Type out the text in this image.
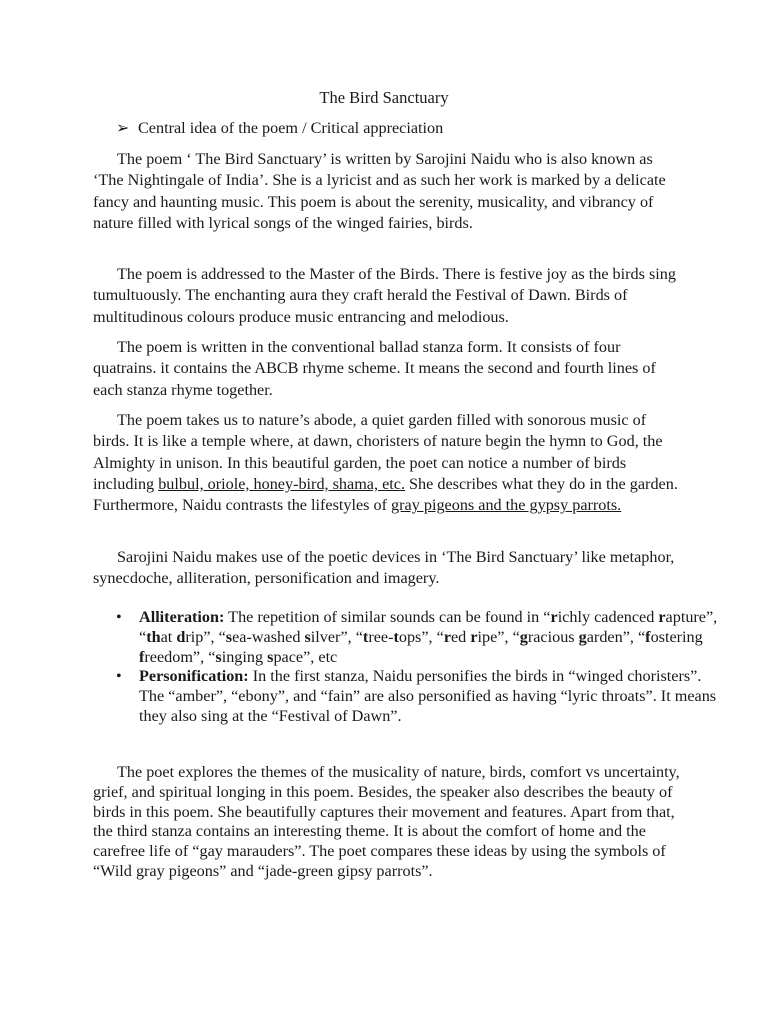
The Bird Sanctuary

➢ Central idea of the poem / Critical appreciation

The poem ‘ The Bird Sanctuary’ is written by Sarojini Naidu who is also known as ‘The Nightingale of India’. She is a lyricist and as such her work is marked by a delicate fancy and haunting music. This poem is about the serenity, musicality, and vibrancy of nature filled with lyrical songs of the winged fairies, birds.

The poem is addressed to the Master of the Birds. There is festive joy as the birds sing tumultuously. The enchanting aura they craft herald the Festival of Dawn. Birds of multitudinous colours produce music entrancing and melodious.

The poem is written in the conventional ballad stanza form. It consists of four quatrains. it contains the ABCB rhyme scheme. It means the second and fourth lines of each stanza rhyme together.

The poem takes us to nature’s abode, a quiet garden filled with sonorous music of birds. It is like a temple where, at dawn, choristers of nature begin the hymn to God, the Almighty in unison. In this beautiful garden, the poet can notice a number of birds including bulbul, oriole, honey-bird, shama, etc. She describes what they do in the garden. Furthermore, Naidu contrasts the lifestyles of gray pigeons and the gypsy parrots.

Sarojini Naidu makes use of the poetic devices in ‘The Bird Sanctuary’ like metaphor, synecdoche, alliteration, personification and imagery.

• Alliteration: The repetition of similar sounds can be found in “richly cadenced rapture”, “that drip”, “sea-washed silver”, “tree-tops”, “red ripe”, “gracious garden”, “fostering freedom”, “singing space”, etc
• Personification: In the first stanza, Naidu personifies the birds in “winged choristers”. The “amber”, “ebony”, and “fain” are also personified as having “lyric throats”. It means they also sing at the “Festival of Dawn”.

The poet explores the themes of the musicality of nature, birds, comfort vs uncertainty, grief, and spiritual longing in this poem. Besides, the speaker also describes the beauty of birds in this poem. She beautifully captures their movement and features. Apart from that, the third stanza contains an interesting theme. It is about the comfort of home and the carefree life of “gay marauders”. The poet compares these ideas by using the symbols of “Wild gray pigeons” and “jade-green gipsy parrots”.
